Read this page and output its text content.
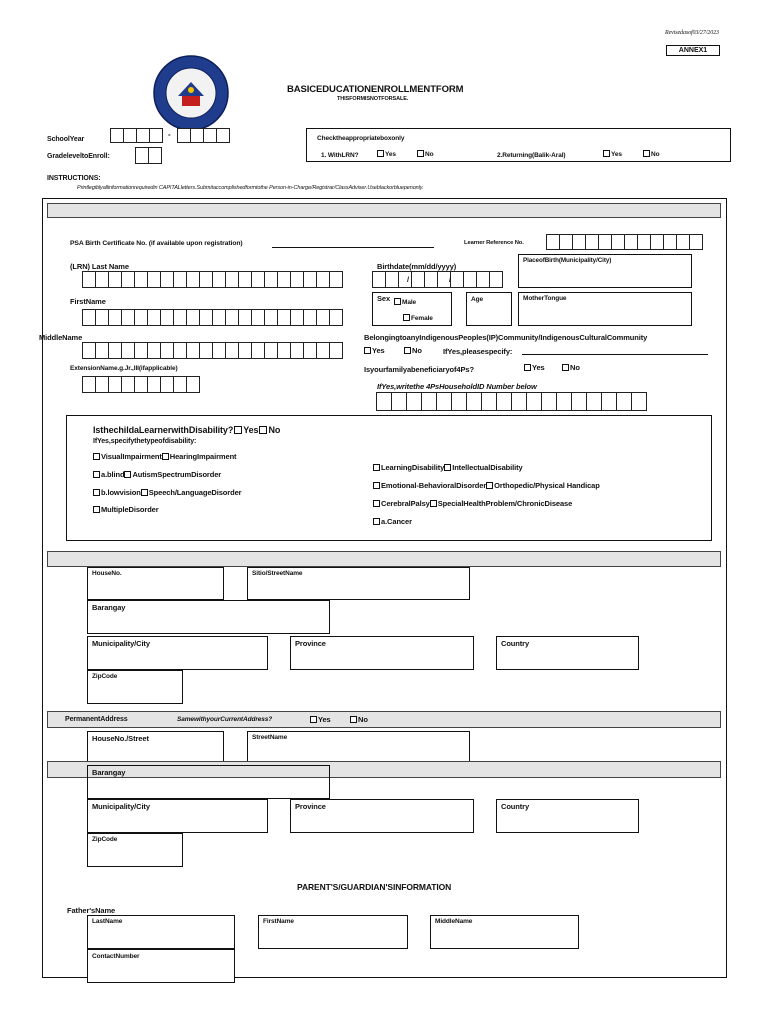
Revisedasof03/27/2023
ANNEX1
BASICEDUCATIONENROLLMENTFORM
THISFORMISNOTFORSALE.
SchoolYear
-
GradeleveltoEnroll:
Checktheappropriateboxonly
1. WithLRN?	Yes	No	2.Returning(Balik-Aral)	Yes	No
INSTRUCTIONS:
Printlegiblyallinformationrequiredin CAPITALletters.Submitaccomplishedformtothe Person-in-Charge/Registrar/ClassAdviser.Useblackorbluepenonly.
PSA Birth Certificate No. (if available upon registration)	Learner Reference No.
(LRN) Last Name	Birthdate(mm/dd/yyyy)
/	/
PlaceofBirth(Municipality/City)
FirstName	Sex	Male
Female
Age	MotherTongue
MiddleName	BelongingtoanyIndigenousPeoples(IP)Community/IndigenousCulturalCommunity
Yes	No	IfYes,pleasespecify:
ExtensionName.g.Jr.,III(ifapplicable)	Isyourfamilyabeneficiaryof4Ps?	Yes	No
IfYes,writethe 4PsHouseholdID Number below
IsthechildaLearnerwithDisability? Yes No
IfYes,specifythetypeofdisability:
VisualImpairment HearingImpairment
a.blind AutismSpectrumDisorder
b.lowvision Speech/LanguageDisorder
MultipleDisorder
LearningDisability IntellectualDisability
Emotional-BehavioralDisorder Orthopedic/Physical Handicap
CerebralPalsy SpecialHealthProblem/ChronicDisease
a.Cancer
HouseNo.	Sitio/StreetName
Barangay
Municipality/City	Province	Country
ZipCode
PermanentAddress	SamewithyourCurrentAddress?	Yes	No
HouseNo./Street	StreetName
Barangay
Municipality/City	Province	Country
ZipCode
PARENT'S/GUARDIAN'SINFORMATION
Father'sName
LastName	FirstName	MiddleName
ContactNumber
